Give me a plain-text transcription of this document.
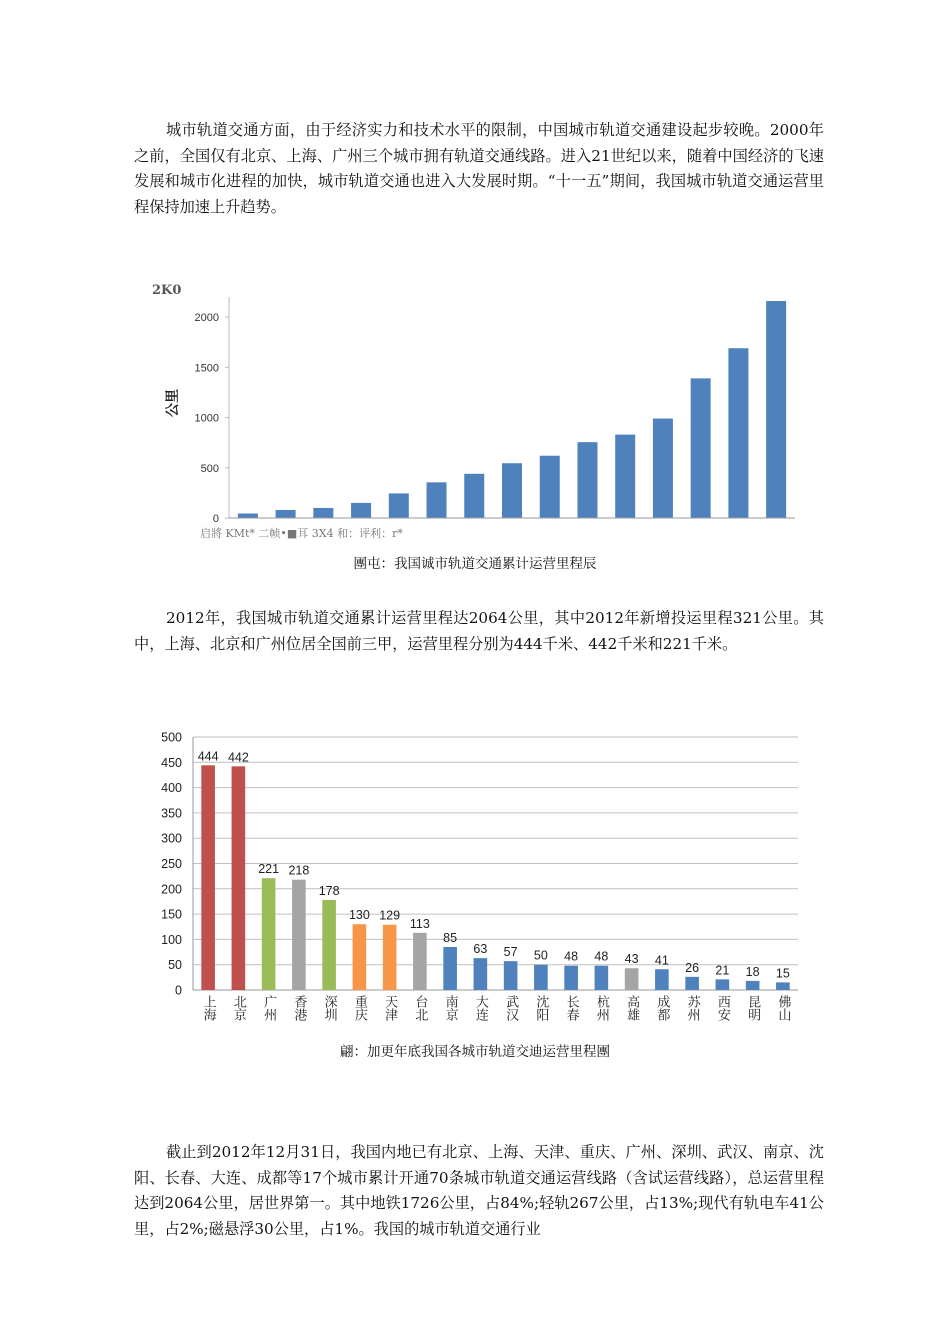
城市轨道交通方面，由于经济实力和技术水平的限制，中国城市轨道交通建设起步较晚。2000年之前，全国仅有北京、上海、广州三个城市拥有轨道交通线路。进入21世纪以来，随着中国经济的飞速发展和城市化进程的加快，城市轨道交通也进入大发展时期。“十一五”期间，我国城市轨道交通运营里程保持加速上升趋势。

2K0
公里
0
500
1000
1500
2000
启將 KMt* 二帧•■耳 3X4 和：评利：r*
團屯：我国诚市轨道交通累计运营里程辰

2012年，我国城市轨道交通累计运营里程达2064公里，其中2012年新增投运里程321公里。其中，上海、北京和广州位居全国前三甲，运营里程分别为444千米、442千米和221千米。

0
50
100
150
200
250
300
350
400
450
500
444 442
221 218
178
130 129
113
85
63 57 50 48 48 43 41
26 21 18 15
上海 北京 广州 香港 深圳 重庆 天津 台北 南京 大连 武汉 沈阳 长春 杭州 高雄 成都 苏州 西安 昆明 佛山
翩：加更年底我国各城市轨道交迪运营里程團

截止到2012年12月31日，我国内地已有北京、上海、天津、重庆、广州、深圳、武汉、南京、沈阳、长春、大连、成都等17个城市累计开通70条城市轨道交通运营线路（含试运营线路），总运营里程达到2064公里，居世界第一。其中地铁1726公里，占84%;轻轨267公里，占13%;现代有轨电车41公里，占2%;磁悬浮30公里，占1%。我国的城市轨道交通行业
